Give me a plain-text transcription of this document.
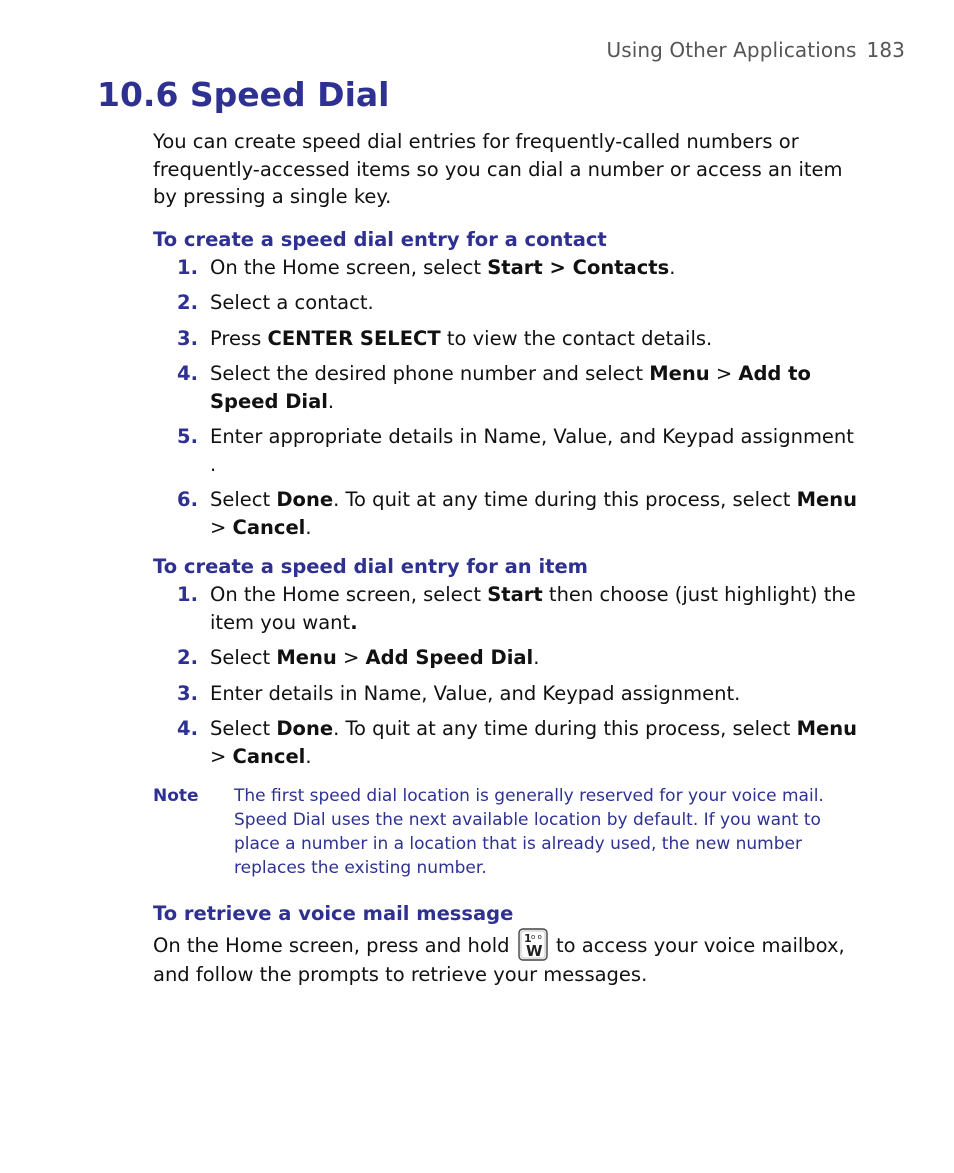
Using Other Applications 183
10.6 Speed Dial

You can create speed dial entries for frequently-called numbers or frequently-accessed items so you can dial a number or access an item by pressing a single key.

To create a speed dial entry for a contact
1. On the Home screen, select Start > Contacts.
2. Select a contact.
3. Press CENTER SELECT to view the contact details.
4. Select the desired phone number and select Menu > Add to Speed Dial.
5. Enter appropriate details in Name, Value, and Keypad assignment .
6. Select Done. To quit at any time during this process, select Menu > Cancel.
To create a speed dial entry for an item
1. On the Home screen, select Start then choose (just highlight) the item you want.
2. Select Menu > Add Speed Dial.
3. Enter details in Name, Value, and Keypad assignment.
4. Select Done. To quit at any time during this process, select Menu > Cancel.
Note	The first speed dial location is generally reserved for your voice mail. Speed Dial uses the next available location by default. If you want to place a number in a location that is already used, the new number replaces the existing number.
To retrieve a voice mail message

On the Home screen, press and hold 1 o o
W to access your voice mailbox, and follow the prompts to retrieve your messages.
